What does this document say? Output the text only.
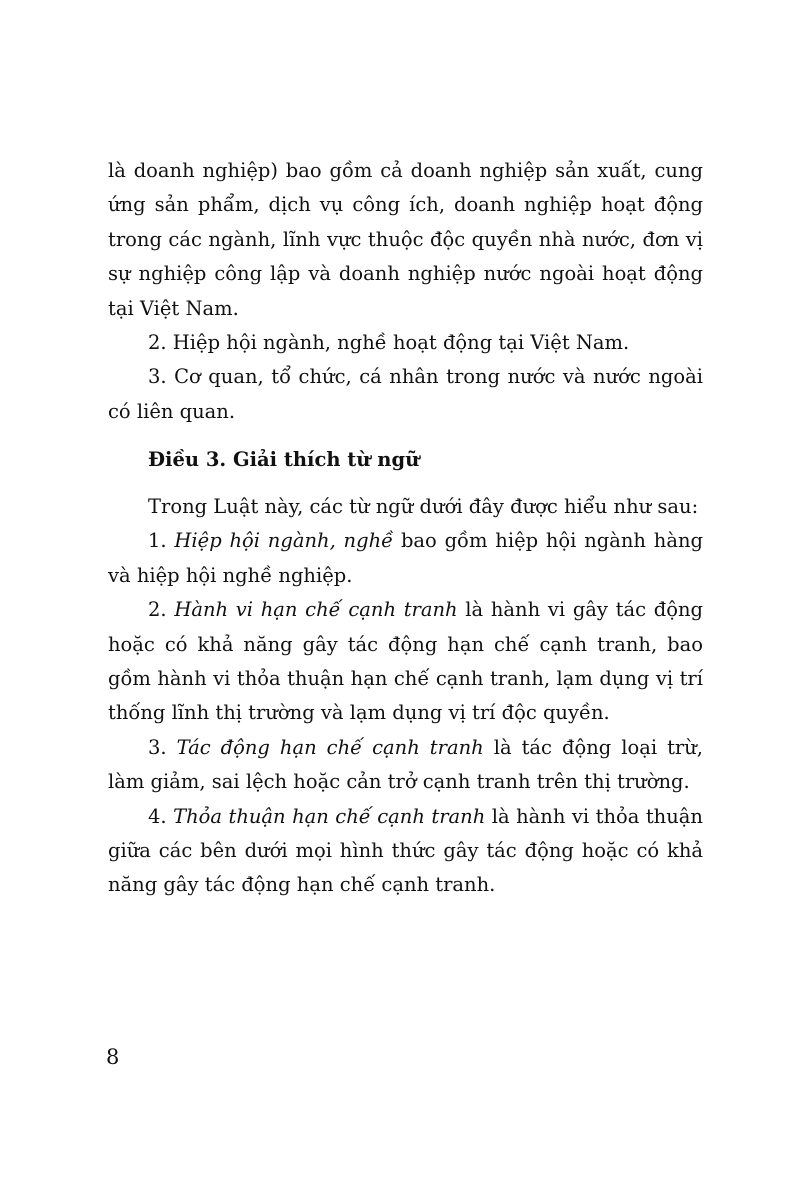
là doanh nghiệp) bao gồm cả doanh nghiệp sản xuất, cung ứng sản phẩm, dịch vụ công ích, doanh nghiệp hoạt động trong các ngành, lĩnh vực thuộc độc quyền nhà nước, đơn vị sự nghiệp công lập và doanh nghiệp nước ngoài hoạt động tại Việt Nam.

2. Hiệp hội ngành, nghề hoạt động tại Việt Nam.

3. Cơ quan, tổ chức, cá nhân trong nước và nước ngoài có liên quan.

Điều 3. Giải thích từ ngữ

Trong Luật này, các từ ngữ dưới đây được hiểu như sau:

1. Hiệp hội ngành, nghề bao gồm hiệp hội ngành hàng và hiệp hội nghề nghiệp.

2. Hành vi hạn chế cạnh tranh là hành vi gây tác động hoặc có khả năng gây tác động hạn chế cạnh tranh, bao gồm hành vi thỏa thuận hạn chế cạnh tranh, lạm dụng vị trí thống lĩnh thị trường và lạm dụng vị trí độc quyền.

3. Tác động hạn chế cạnh tranh là tác động loại trừ, làm giảm, sai lệch hoặc cản trở cạnh tranh trên thị trường.

4. Thỏa thuận hạn chế cạnh tranh là hành vi thỏa thuận giữa các bên dưới mọi hình thức gây tác động hoặc có khả năng gây tác động hạn chế cạnh tranh.

8
